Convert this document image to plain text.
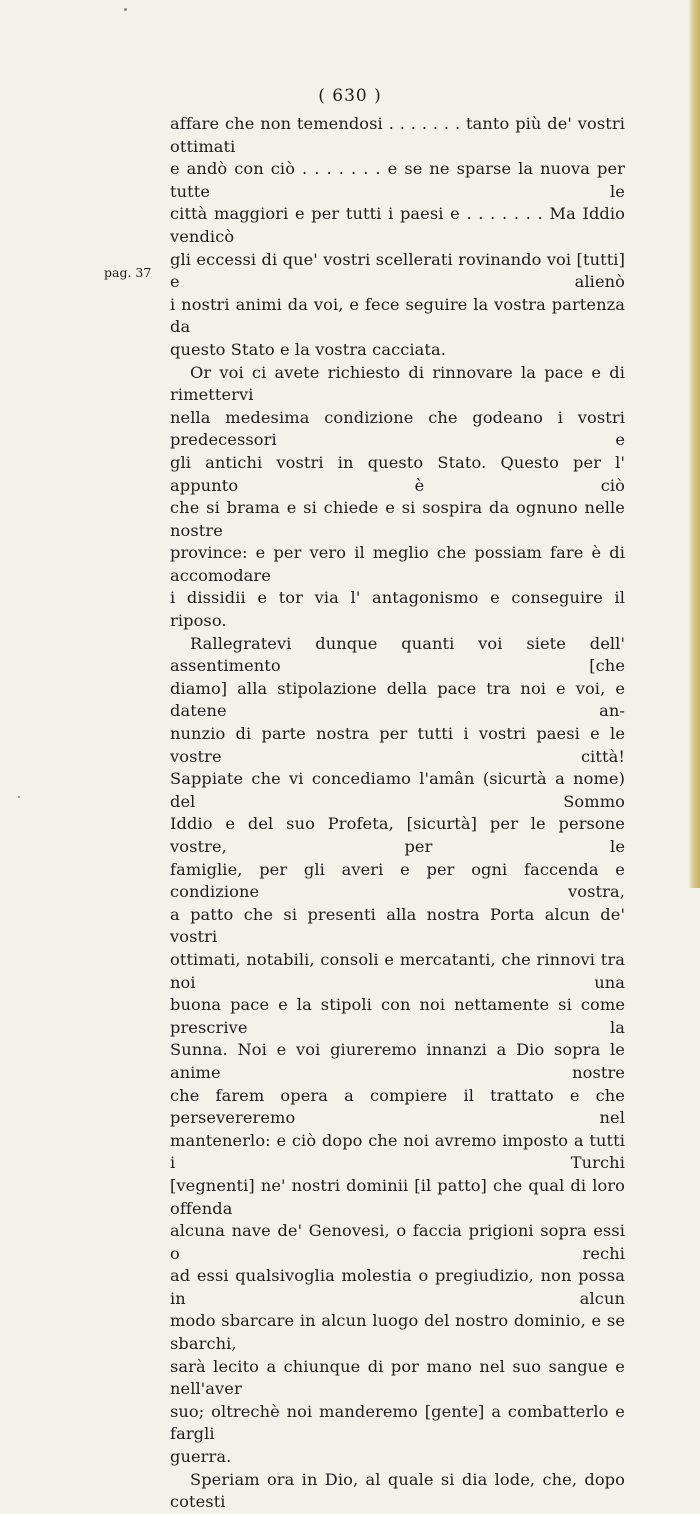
( 630 )
pag. 37

affare che non temendosi . . . . . . . tanto più de' vostri ottimati
e andò con ciò . . . . . . . e se ne sparse la nuova per tutte le
città maggiori e per tutti i paesi e . . . . . . . Ma Iddio vendicò
gli eccessi di que' vostri scellerati rovinando voi [tutti] e alienò
i nostri animi da voi, e fece seguire la vostra partenza da
questo Stato e la vostra cacciata.

Or voi ci avete richiesto di rinnovare la pace e di rimettervi
nella medesima condizione che godeano i vostri predecessori e
gli antichi vostri in questo Stato. Questo per l' appunto è ciò
che si brama e si chiede e si sospira da ognuno nelle nostre
province: e per vero il meglio che possiam fare è di accomodare
i dissidii e tor via l' antagonismo e conseguire il riposo.

Rallegratevi dunque quanti voi siete dell' assentimento [che
diamo] alla stipolazione della pace tra noi e voi, e datene an-
nunzio di parte nostra per tutti i vostri paesi e le vostre città!
Sappiate che vi concediamo l'amân (sicurtà a nome) del Sommo
Iddio e del suo Profeta, [sicurtà] per le persone vostre, per le
famiglie, per gli averi e per ogni faccenda e condizione vostra,
a patto che si presenti alla nostra Porta alcun de' vostri
ottimati, notabili, consoli e mercatanti, che rinnovi tra noi una
buona pace e la stipoli con noi nettamente si come prescrive la
Sunna. Noi e voi giureremo innanzi a Dio sopra le anime nostre
che farem opera a compiere il trattato e che persevereremo nel
mantenerlo: e ciò dopo che noi avremo imposto a tutti i Turchi
[vegnenti] ne' nostri dominii [il patto] che qual di loro offenda
alcuna nave de' Genovesi, o faccia prigioni sopra essi o rechi
ad essi qualsivoglia molestia o pregiudizio, non possa in alcun
modo sbarcare in alcun luogo del nostro dominio, e se sbarchi,
sarà lecito a chiunque di por mano nel suo sangue e nell'aver
suo; oltrechè noi manderemo [gente] a combatterlo e fargli
guerra.

Speriam ora in Dio, al quale si dia lode, che, dopo cotesti
